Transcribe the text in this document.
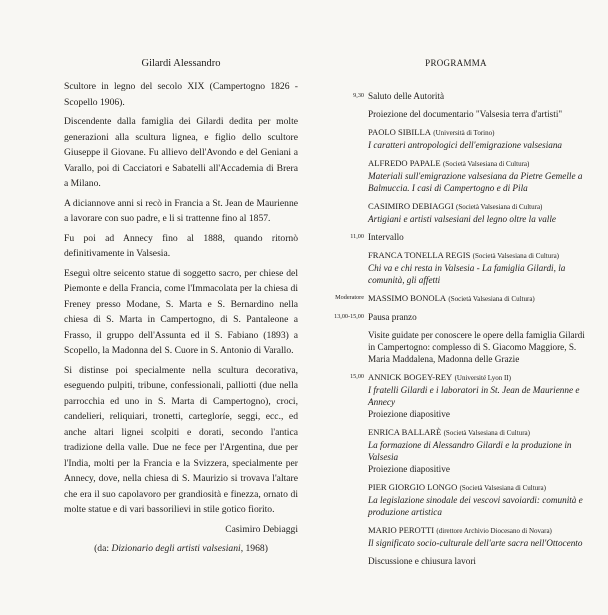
Gilardi Alessandro

Scultore in legno del secolo XIX (Campertogno 1826 - Scopello 1906).

Discendente dalla famiglia dei Gilardi dedita per molte generazioni alla scultura lignea, e figlio dello scultore Giuseppe il Giovane. Fu allievo dell'Avondo e del Geniani a Varallo, poi di Cacciatori e Sabatelli all'Accademia di Brera a Milano.

A diciannove anni si recò in Francia a St. Jean de Maurienne a lavorare con suo padre, e li si trattenne fino al 1857.

Fu poi ad Annecy fino al 1888, quando ritornò definitivamente in Valsesia.

Eseguì oltre seicento statue di soggetto sacro, per chiese del Piemonte e della Francia, come l'Immacolata per la chiesa di Freney presso Modane, S. Marta e S. Bernardino nella chiesa di S. Marta in Campertogno, di S. Pantaleone a Frasso, il gruppo dell'Assunta ed il S. Fabiano (1893) a Scopello, la Madonna del S. Cuore in S. Antonio di Varallo.

Si distinse poi specialmente nella scultura decorativa, eseguendo pulpiti, tribune, confessionali, palliotti (due nella parrocchia ed uno in S. Marta di Campertogno), croci, candelieri, reliquiari, tronetti, cartegloríe, seggi, ecc., ed anche altari lignei scolpiti e dorati, secondo l'antica tradizione della valle. Due ne fece per l'Argentina, due per l'India, molti per la Francia e la Svizzera, specialmente per Annecy, dove, nella chiesa di S. Maurizio si trovava l'altare che era il suo capolavoro per grandiosità e finezza, ornato di molte statue e di vari bassorilievi in stile gotico fiorito.

Casimiro Debiaggi

(da: Dizionario degli artisti valsesiani, 1968)

PROGRAMMA
9,30 Saluto delle Autorità
Proiezione del documentario "Valsesia terra d'artisti"
PAOLO SIBILLA (Università di Torino)
I caratteri antropologici dell'emigrazione valsesiana
ALFREDO PAPALE (Società Valsesiana di Cultura)
Materiali sull'emigrazione valsesiana da Pietre Gemelle a Balmuccia. I casi di Campertogno e di Pila
CASIMIRO DEBIAGGI (Società Valsesiana di Cultura)
Artigiani e artisti valsesiani del legno oltre la valle
11,00 Intervallo
FRANCA TONELLA REGIS (Società Valsesiana di Cultura)
Chi va e chi resta in Valsesia - La famiglia Gilardi, la comunità, gli affetti
Moderatore MASSIMO BONOLA (Società Valsesiana di Cultura)
13,00-15,00 Pausa pranzo
Visite guidate per conoscere le opere della famiglia Gilardi in Campertogno: complesso di S. Giacomo Maggiore, S. Maria Maddalena, Madonna delle Grazie
15,00 ANNICK BOGEY-REY (Université Lyon II)
I fratelli Gilardi e i laboratori in St. Jean de Maurienne e Annecy
Proiezione diapositive
ENRICA BALLARÈ (Società Valsesiana di Cultura)
La formazione di Alessandro Gilardi e la produzione in Valsesia
Proiezione diapositive
PIER GIORGIO LONGO (Società Valsesiana di Cultura)
La legislazione sinodale dei vescovi savoiardi: comunità e produzione artistica
MARIO PEROTTI (direttore Archivio Diocesano di Novara)
Il significato socio-culturale dell'arte sacra nell'Ottocento
Discussione e chiusura lavori
